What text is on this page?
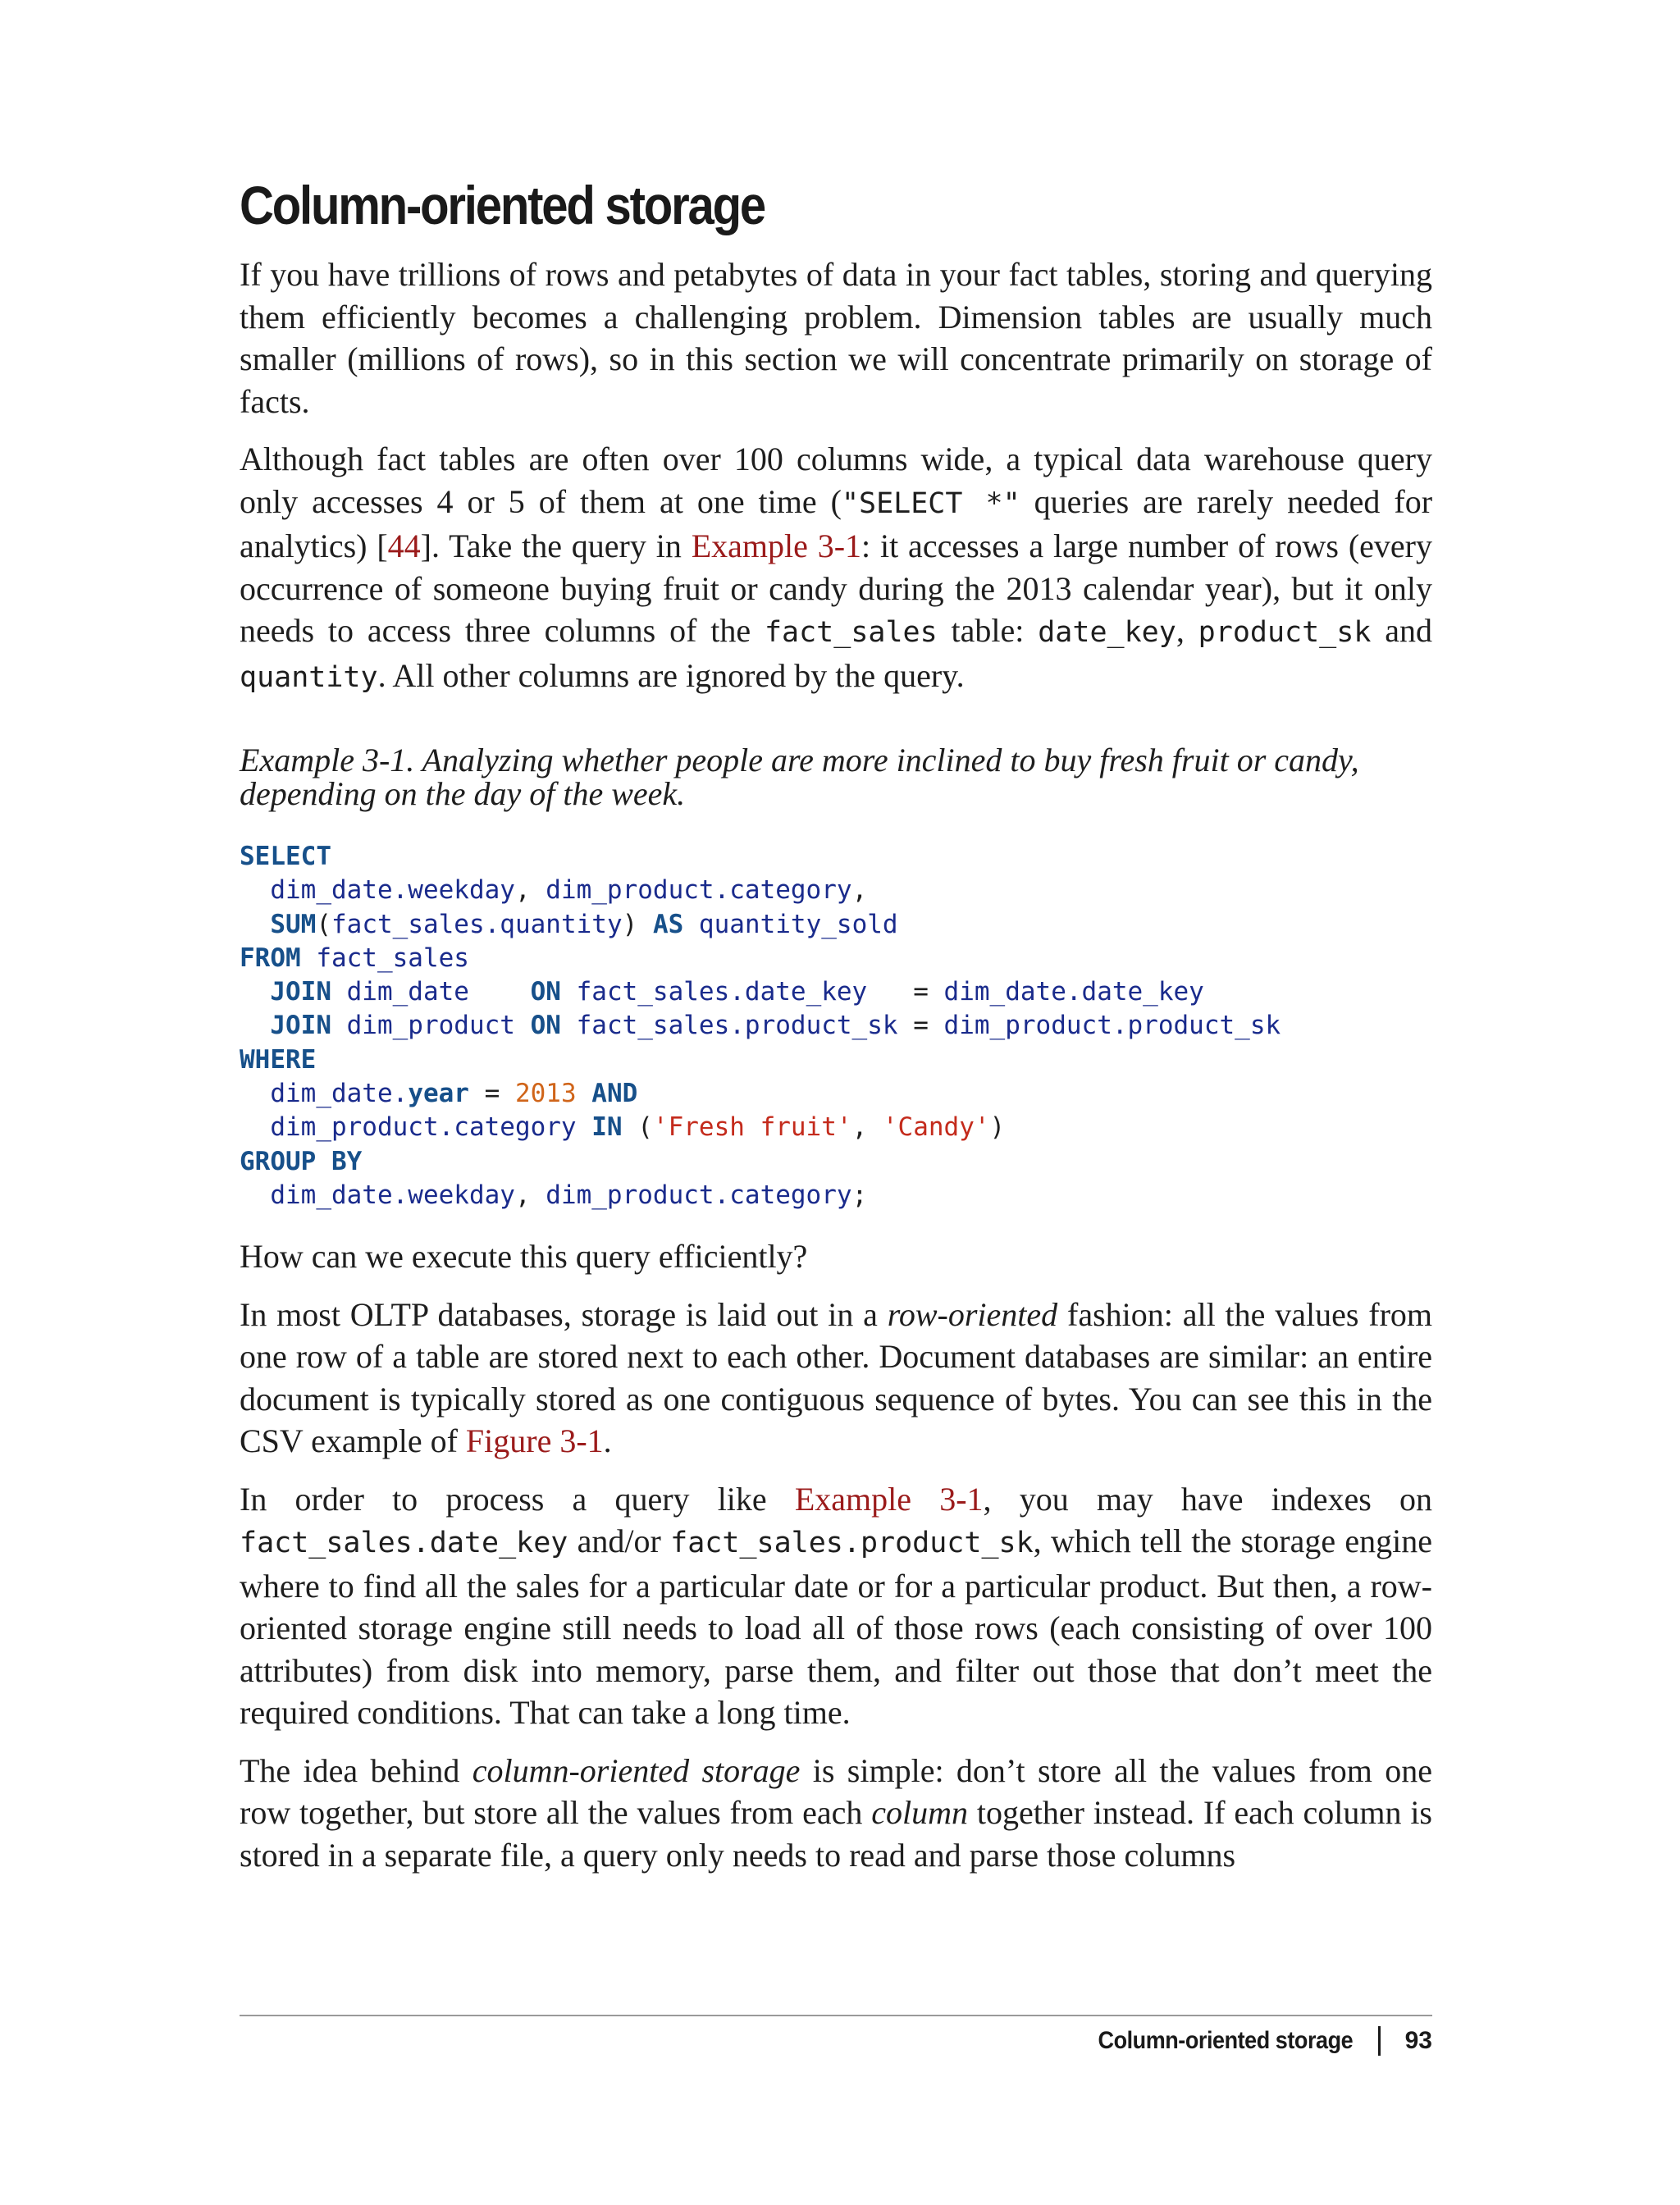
Column-oriented storage

If you have trillions of rows and petabytes of data in your fact tables, storing and querying them efficiently becomes a challenging problem. Dimension tables are usually much smaller (millions of rows), so in this section we will concentrate primarily on storage of facts.

Although fact tables are often over 100 columns wide, a typical data warehouse query only accesses 4 or 5 of them at one time ("SELECT *" queries are rarely needed for analytics) [44]. Take the query in Example 3-1: it accesses a large number of rows (every occurrence of someone buying fruit or candy during the 2013 calendar year), but it only needs to access three columns of the fact_sales table: date_key, product_sk and quantity. All other columns are ignored by the query.

Example 3-1. Analyzing whether people are more inclined to buy fresh fruit or candy, depending on the day of the week.
SELECT
dim_date.weekday, dim_product.category,
SUM(fact_sales.quantity) AS quantity_sold
FROM fact_sales
JOIN dim_date    ON fact_sales.date_key   = dim_date.date_key
JOIN dim_product ON fact_sales.product_sk = dim_product.product_sk
WHERE
dim_date.year = 2013 AND
dim_product.category IN ('Fresh fruit', 'Candy')
GROUP BY
dim_date.weekday, dim_product.category;

How can we execute this query efficiently?

In most OLTP databases, storage is laid out in a row-oriented fashion: all the values from one row of a table are stored next to each other. Document databases are similar: an entire document is typically stored as one contiguous sequence of bytes. You can see this in the CSV example of Figure 3-1.

In order to process a query like Example 3-1, you may have indexes on fact_sales.date_key and/or fact_sales.product_sk, which tell the storage engine where to find all the sales for a particular date or for a particular product. But then, a row-oriented storage engine still needs to load all of those rows (each consisting of over 100 attributes) from disk into memory, parse them, and filter out those that don’t meet the required conditions. That can take a long time.

The idea behind column-oriented storage is simple: don’t store all the values from one row together, but store all the values from each column together instead. If each column is stored in a separate file, a query only needs to read and parse those columns

Column-oriented storage 93
